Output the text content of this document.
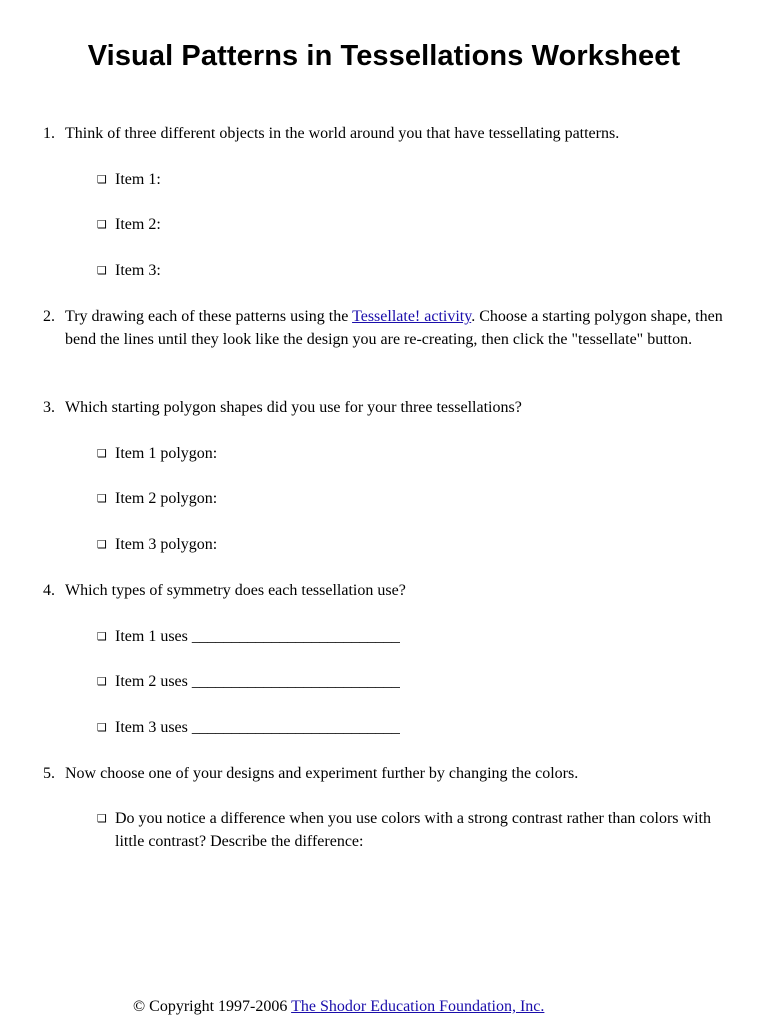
Visual Patterns in Tessellations Worksheet
1. Think of three different objects in the world around you that have tessellating patterns.
❑ Item 1:
❑ Item 2:
❑ Item 3:
2. Try drawing each of these patterns using the Tessellate! activity. Choose a starting polygon shape, then bend the lines until they look like the design you are re-creating, then click the "tessellate" button.
3. Which starting polygon shapes did you use for your three tessellations?
❑ Item 1 polygon:
❑ Item 2 polygon:
❑ Item 3 polygon:
4. Which types of symmetry does each tessellation use?
❑ Item 1 uses __________________________
❑ Item 2 uses __________________________
❑ Item 3 uses __________________________
5. Now choose one of your designs and experiment further by changing the colors.
❑ Do you notice a difference when you use colors with a strong contrast rather than colors with little contrast? Describe the difference:
© Copyright 1997-2006 The Shodor Education Foundation, Inc.
